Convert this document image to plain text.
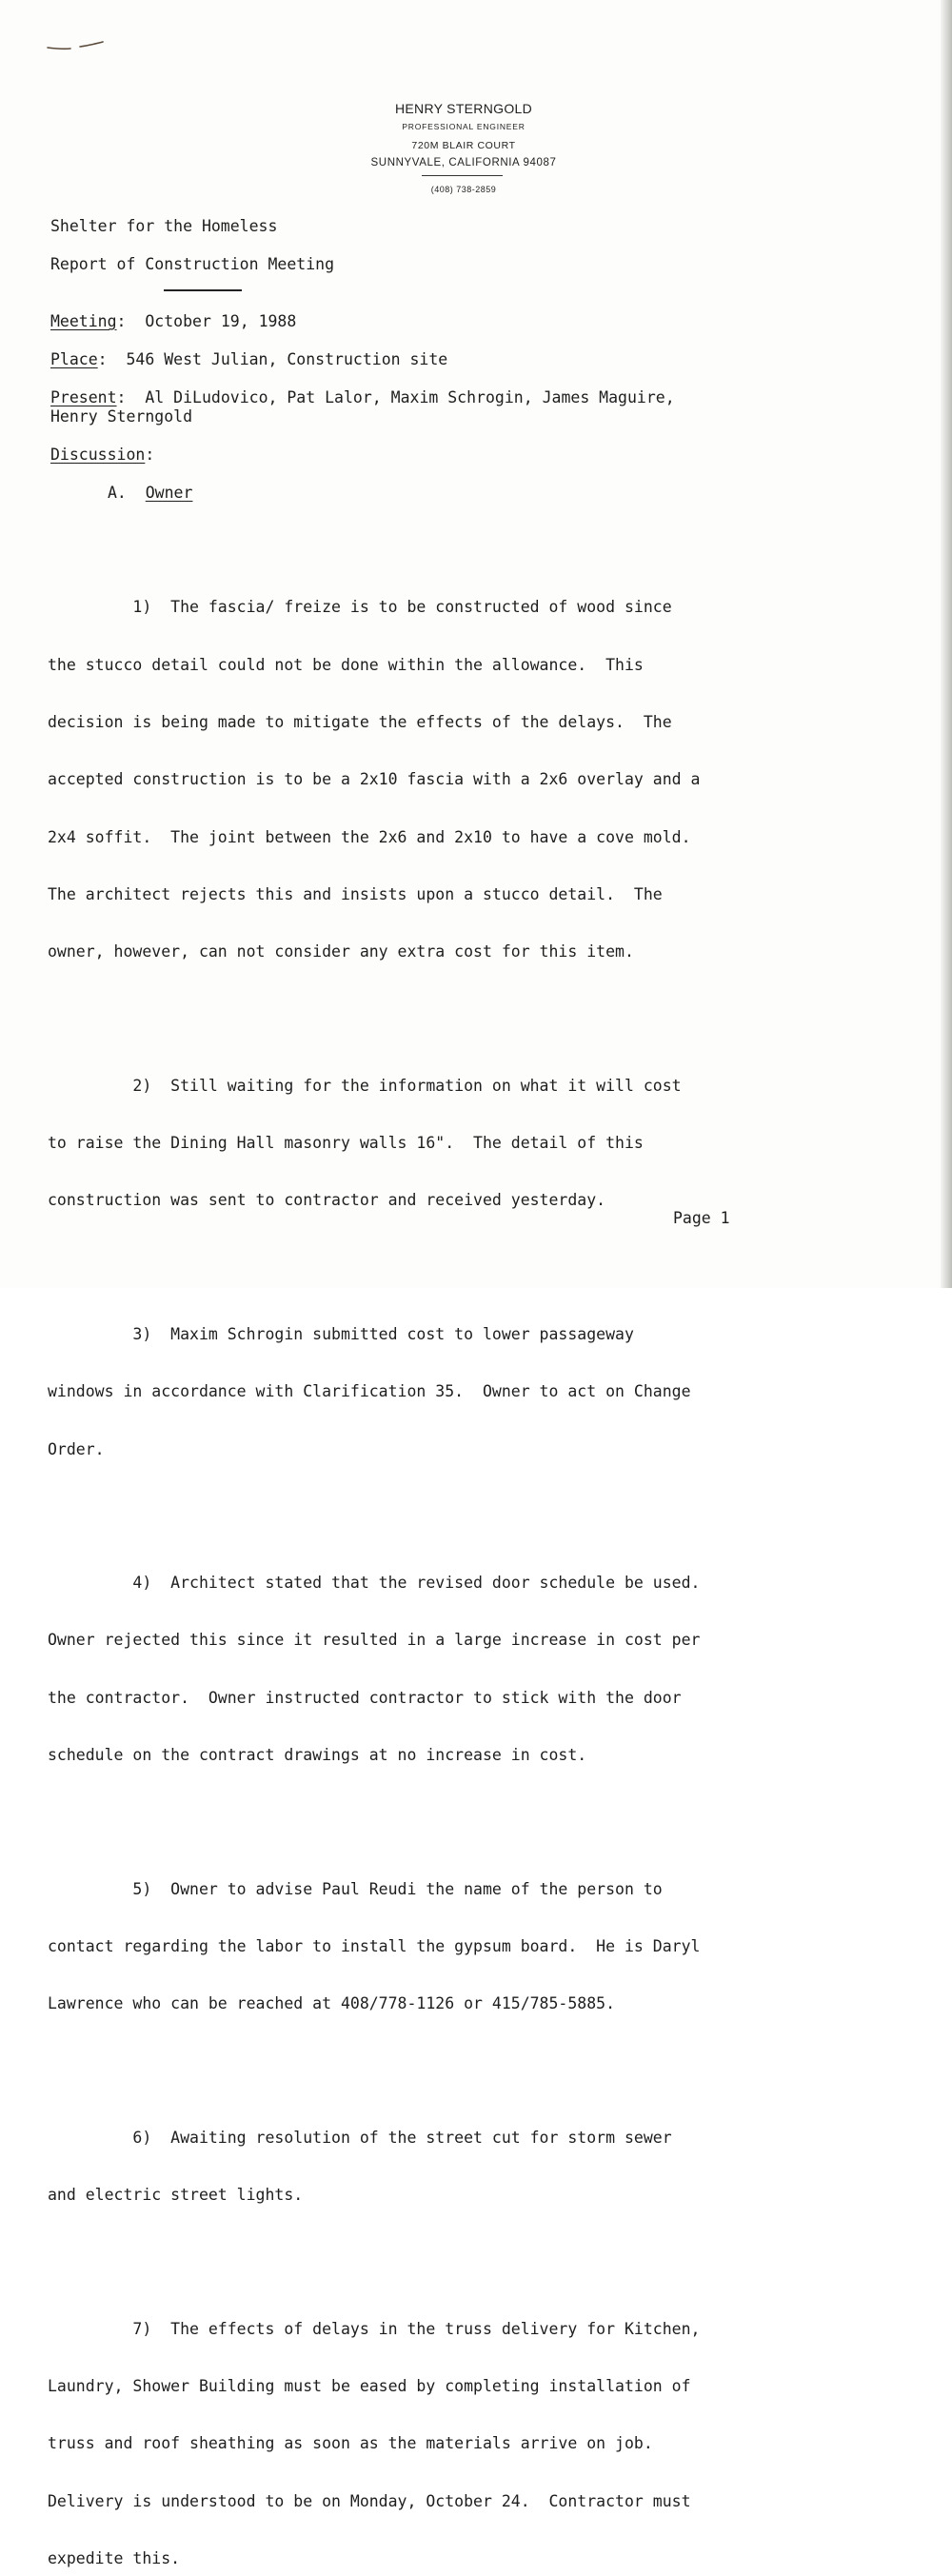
HENRY STERNGOLD
PROFESSIONAL ENGINEER
720M BLAIR COURT
SUNNYVALE, CALIFORNIA 94087
(408) 738-2859
Shelter for the Homeless
Report of Construction Meeting
Meeting:  October 19, 1988
Place:  546 West Julian, Construction site
Present:  Al DiLudovico, Pat Lalor, Maxim Schrogin, James Maguire,
Henry Sterngold
Discussion:
A. Owner

1)  The fascia/ freize is to be constructed of wood since

the stucco detail could not be done within the allowance.  This

decision is being made to mitigate the effects of the delays.  The

accepted construction is to be a 2x10 fascia with a 2x6 overlay and a

2x4 soffit.  The joint between the 2x6 and 2x10 to have a cove mold.

The architect rejects this and insists upon a stucco detail.  The

owner, however, can not consider any extra cost for this item.

2)  Still waiting for the information on what it will cost

to raise the Dining Hall masonry walls 16".  The detail of this

construction was sent to contractor and received yesterday.

3)  Maxim Schrogin submitted cost to lower passageway

windows in accordance with Clarification 35.  Owner to act on Change

Order.

4)  Architect stated that the revised door schedule be used.

Owner rejected this since it resulted in a large increase in cost per

the contractor.  Owner instructed contractor to stick with the door

schedule on the contract drawings at no increase in cost.

5)  Owner to advise Paul Reudi the name of the person to

contact regarding the labor to install the gypsum board.  He is Daryl

Lawrence who can be reached at 408/778-1126 or 415/785-5885.

6)  Awaiting resolution of the street cut for storm sewer

and electric street lights.

7)  The effects of delays in the truss delivery for Kitchen,

Laundry, Shower Building must be eased by completing installation of

truss and roof sheathing as soon as the materials arrive on job.

Delivery is understood to be on Monday, October 24.  Contractor must

expedite this.

Page 1
